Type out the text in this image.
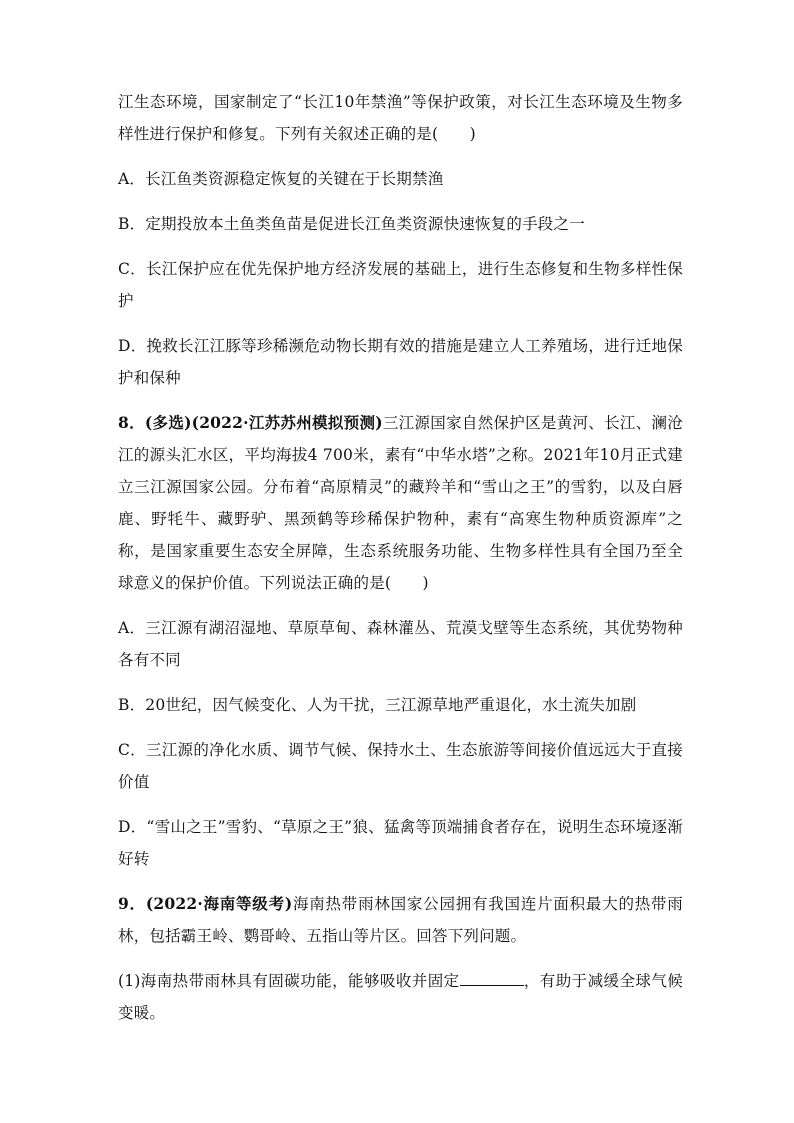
江生态环境，国家制定了“长江10年禁渔”等保护政策，对长江生态环境及生物多样性进行保护和修复。下列有关叙述正确的是(　　)

A．长江鱼类资源稳定恢复的关键在于长期禁渔

B．定期投放本土鱼类鱼苗是促进长江鱼类资源快速恢复的手段之一

C．长江保护应在优先保护地方经济发展的基础上，进行生态修复和生物多样性保护

D．挽救长江江豚等珍稀濒危动物长期有效的措施是建立人工养殖场，进行迁地保护和保种

8．(多选)(2022·江苏苏州模拟预测)三江源国家自然保护区是黄河、长江、澜沧江的源头汇水区，平均海拔4 700米，素有“中华水塔”之称。2021年10月正式建立三江源国家公园。分布着“高原精灵”的藏羚羊和“雪山之王”的雪豹，以及白唇鹿、野牦牛、藏野驴、黑颈鹤等珍稀保护物种，素有“高寒生物种质资源库”之称，是国家重要生态安全屏障，生态系统服务功能、生物多样性具有全国乃至全球意义的保护价值。下列说法正确的是(　　)

A．三江源有湖沼湿地、草原草甸、森林灌丛、荒漠戈壁等生态系统，其优势物种各有不同

B．20世纪，因气候变化、人为干扰，三江源草地严重退化，水土流失加剧

C．三江源的净化水质、调节气候、保持水土、生态旅游等间接价值远远大于直接价值

D．“雪山之王”雪豹、“草原之王”狼、猛禽等顶端捕食者存在，说明生态环境逐渐好转

9．(2022·海南等级考)海南热带雨林国家公园拥有我国连片面积最大的热带雨林，包括霸王岭、鹦哥岭、五指山等片区。回答下列问题。

(1)海南热带雨林具有固碳功能，能够吸收并固定	，有助于减缓全球气候变暖。
